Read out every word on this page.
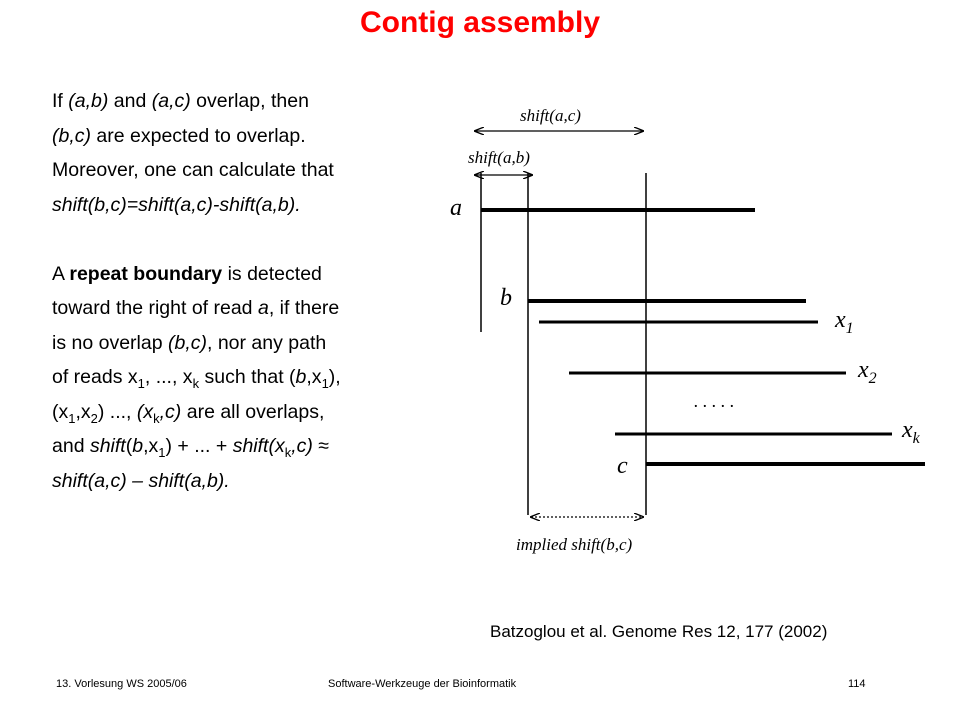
Contig assembly

If (a,b) and (a,c) overlap, then

(b,c) are expected to overlap.

Moreover, one can calculate that

shift(b,c)=shift(a,c)-shift(a,b).

A repeat boundary is detected

toward the right of read a, if there

is no overlap (b,c), nor any path

of reads $x_1$, ..., $x_k$ such that $(b,x_1)$,

$(x_1,x_2)$ ..., $(x_k,c)$ are all overlaps,

and $shift(b,x_1)$ + ... + $shift(x_k,c)$ ≈

shift(a,c) – shift(a,b).

shift(a,c)
shift(a,b)
a
b
$x_1$
$x_2$
. . . . .
$x_k$
c
implied shift(b,c)
Batzoglou et al. Genome Res 12, 177 (2002)
13. Vorlesung WS 2005/06	Software-Werkzeuge der Bioinformatik	114
